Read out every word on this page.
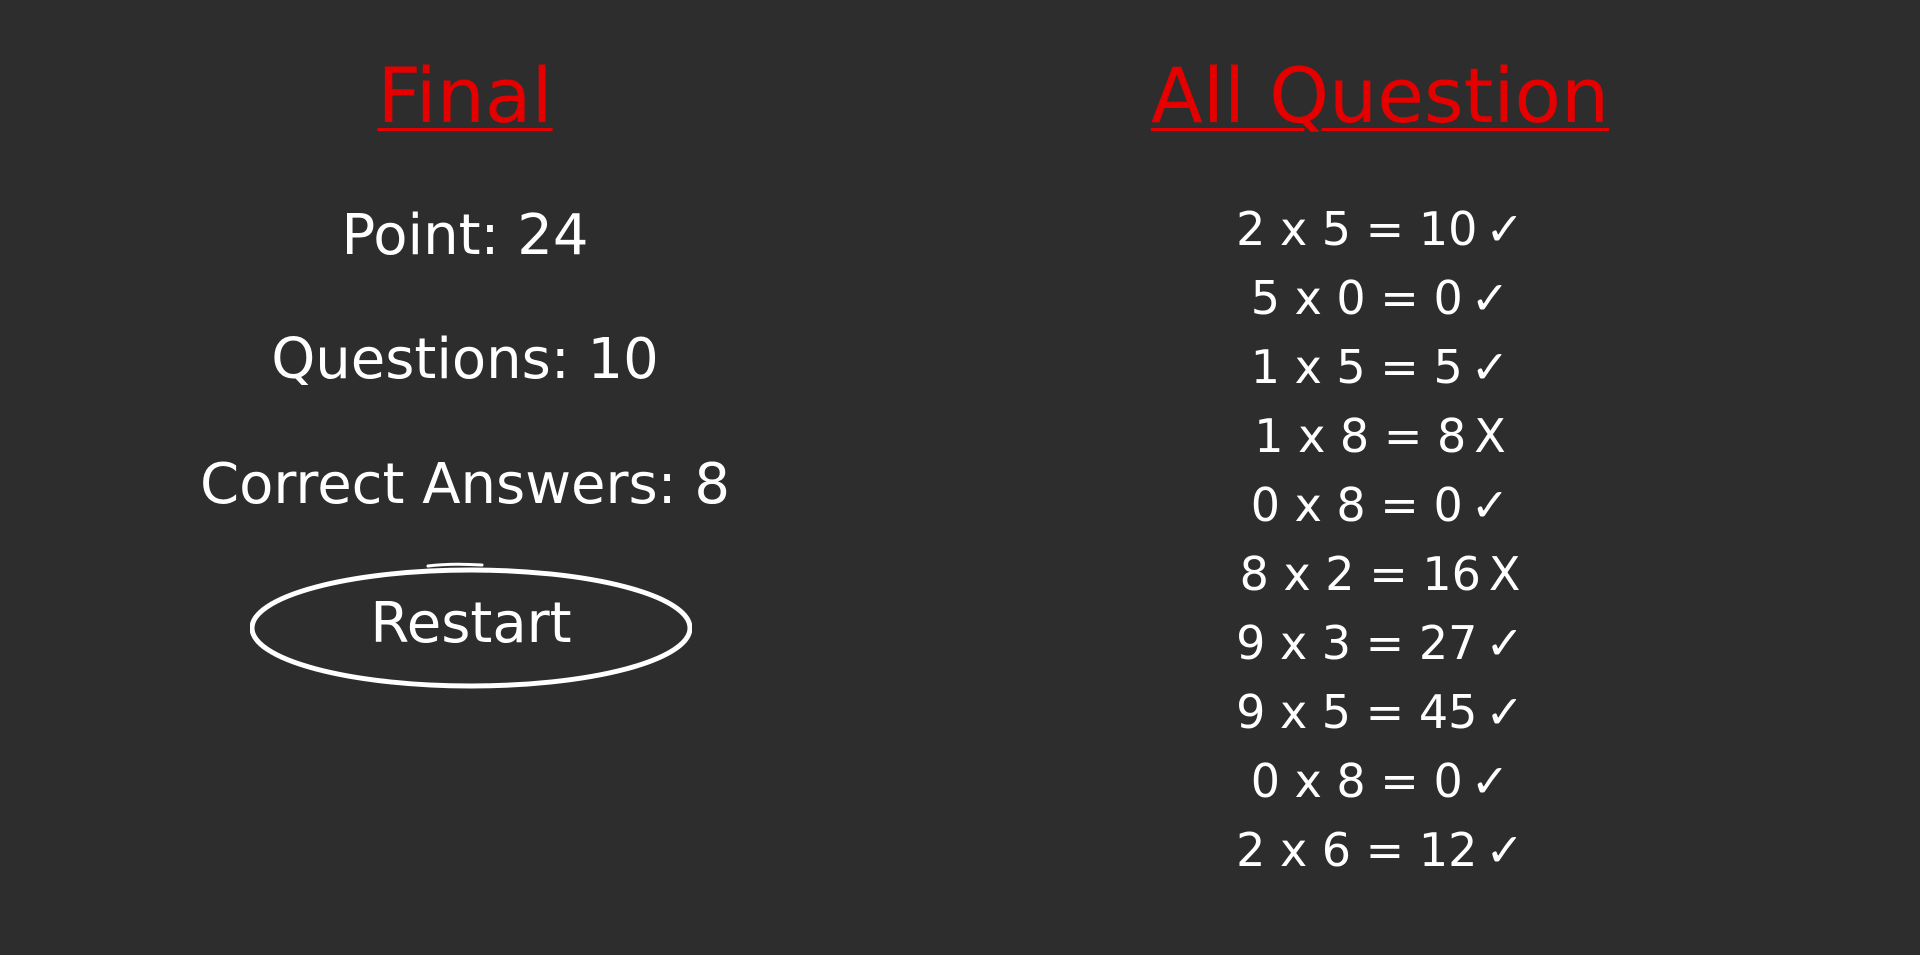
Final
Point: 24
Questions: 10
Correct Answers: 8
Restart
All Question
2 x 5 = 10 ✓
5 x 0 = 0 ✓
1 x 5 = 5 ✓
1 x 8 = 8 X
0 x 8 = 0 ✓
8 x 2 = 16 X
9 x 3 = 27 ✓
9 x 5 = 45 ✓
0 x 8 = 0 ✓
2 x 6 = 12 ✓
